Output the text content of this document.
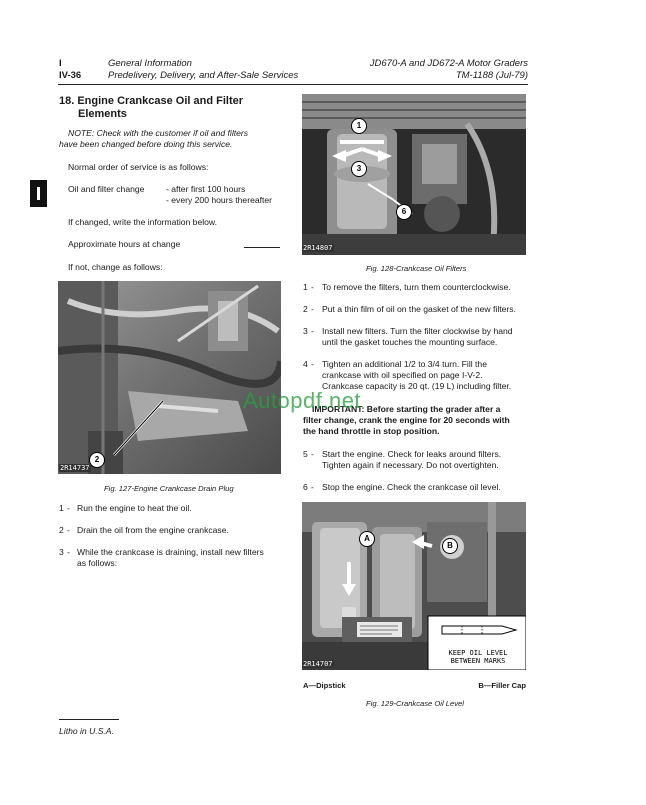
I
IV-36
General Information
Predelivery, Delivery, and After-Sale Services
JD670-A and JD672-A Motor Graders
TM-1188 (Jul-79)
18. Engine Crankcase Oil and Filter
Elements
NOTE: Check with the customer if oil and filters
have been changed before doing this service.
Normal order of service is as follows:
Oil and filter change	- after first 100 hours
- every 200 hours thereafter
If changed, write the information below.
Approximate hours at change
If not, change as follows:
2
2R14737
Fig. 127-Engine Crankcase Drain Plug
1 - Run the engine to heat the oil.
2 - Drain the oil from the engine crankcase.
3 - While the crankcase is draining, install new filters
as follows:
1
3
6
2R14807
Fig. 128-Crankcase Oil Filters
1 - To remove the filters, turn them counterclockwise.
2 - Put a thin film of oil on the gasket of the new filters.
3 - Install new filters. Turn the filter clockwise by hand
until the gasket touches the mounting surface.
4 - Tighten an additional 1/2 to 3/4 turn. Fill the
crankcase with oil specified on page I-V-2.
Crankcase capacity is 20 qt. (19 L) including filter.
IMPORTANT: Before starting the grader after a
filter change, crank the engine for 20 seconds with
the hand throttle in stop position.
5 - Start the engine. Check for leaks around filters.
Tighten again if necessary. Do not overtighten.
6 - Stop the engine. Check the crankcase oil level.
A
B
KEEP OIL LEVEL
BETWEEN MARKS
2R14707
A—Dipstick	B—Filler Cap
Fig. 129-Crankcase Oil Level
Autopdf.net
Litho in U.S.A.
